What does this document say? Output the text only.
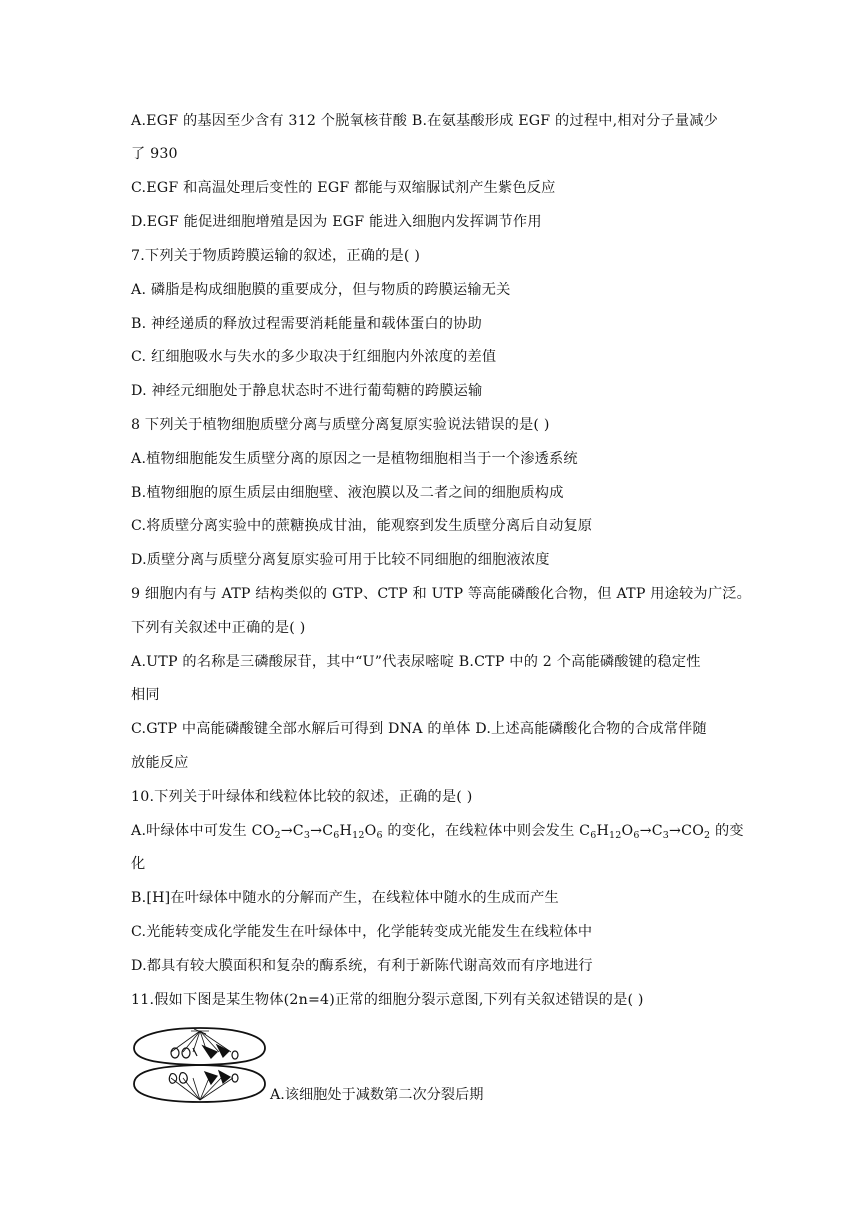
A.EGF 的基因至少含有 312 个脱氧核苷酸 B.在氨基酸形成 EGF 的过程中,相对分子量减少
了 930
C.EGF 和高温处理后变性的 EGF 都能与双缩脲试剂产生紫色反应
D.EGF 能促进细胞增殖是因为 EGF 能进入细胞内发挥调节作用
7.下列关于物质跨膜运输的叙述，正确的是( )
A. 磷脂是构成细胞膜的重要成分，但与物质的跨膜运输无关
B. 神经递质的释放过程需要消耗能量和载体蛋白的协助
C. 红细胞吸水与失水的多少取决于红细胞内外浓度的差值
D. 神经元细胞处于静息状态时不进行葡萄糖的跨膜运输
8 下列关于植物细胞质壁分离与质壁分离复原实验说法错误的是( )
A.植物细胞能发生质壁分离的原因之一是植物细胞相当于一个渗透系统
B.植物细胞的原生质层由细胞壁、液泡膜以及二者之间的细胞质构成
C.将质壁分离实验中的蔗糖换成甘油，能观察到发生质壁分离后自动复原
D.质壁分离与质壁分离复原实验可用于比较不同细胞的细胞液浓度
9 细胞内有与 ATP 结构类似的 GTP、CTP 和 UTP 等高能磷酸化合物，但 ATP 用途较为广泛。
下列有关叙述中正确的是( )
A.UTP 的名称是三磷酸尿苷，其中“U”代表尿嘧啶 B.CTP 中的 2 个高能磷酸键的稳定性
相同
C.GTP 中高能磷酸键全部水解后可得到 DNA 的单体 D.上述高能磷酸化合物的合成常伴随
放能反应
10.下列关于叶绿体和线粒体比较的叙述，正确的是( )
A.叶绿体中可发生 $CO_2\to C_3\to C_6H_{12}O_6$ 的变化，在线粒体中则会发生 $C_6H_{12}O_6\to C_3\to CO_2$ 的变
化
B.[H]在叶绿体中随水的分解而产生，在线粒体中随水的生成而产生
C.光能转变成化学能发生在叶绿体中，化学能转变成光能发生在线粒体中
D.都具有较大膜面积和复杂的酶系统，有利于新陈代谢高效而有序地进行
11.假如下图是某生物体(2n=4)正常的细胞分裂示意图,下列有关叙述错误的是( )
A.该细胞处于减数第二次分裂后期
